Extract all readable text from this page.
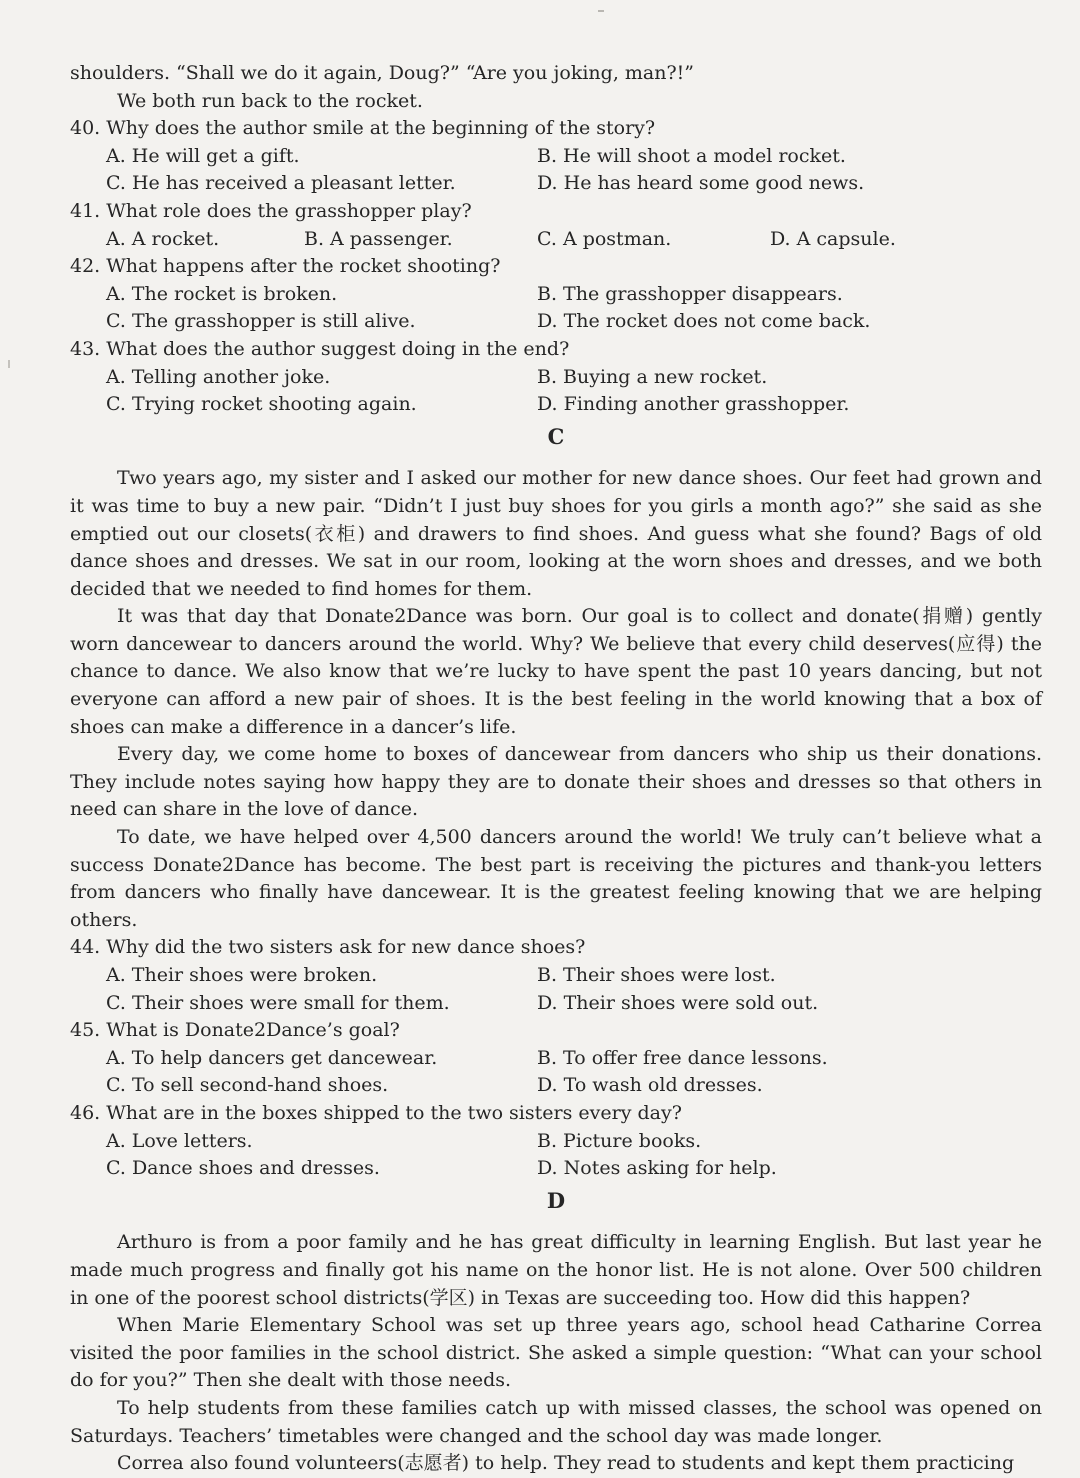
shoulders. “Shall we do it again, Doug?” “Are you joking, man?!”
We both run back to the rocket.
40. Why does the author smile at the beginning of the story?
A. He will get a gift.	B. He will shoot a model rocket.
C. He has received a pleasant letter.	D. He has heard some good news.
41. What role does the grasshopper play?
A. A rocket.	B. A passenger.	C. A postman.	D. A capsule.
42. What happens after the rocket shooting?
A. The rocket is broken.	B. The grasshopper disappears.
C. The grasshopper is still alive.	D. The rocket does not come back.
43. What does the author suggest doing in the end?
A. Telling another joke.	B. Buying a new rocket.
C. Trying rocket shooting again.	D. Finding another grasshopper.
C

Two years ago, my sister and I asked our mother for new dance shoes. Our feet had grown and it was time to buy a new pair. “Didn’t I just buy shoes for you girls a month ago?” she said as she emptied out our closets(衣柜) and drawers to find shoes. And guess what she found? Bags of old dance shoes and dresses. We sat in our room, looking at the worn shoes and dresses, and we both decided that we needed to find homes for them.

It was that day that Donate2Dance was born. Our goal is to collect and donate(捐赠) gently worn dancewear to dancers around the world. Why? We believe that every child deserves(应得) the chance to dance. We also know that we’re lucky to have spent the past 10 years dancing, but not everyone can afford a new pair of shoes. It is the best feeling in the world knowing that a box of shoes can make a difference in a dancer’s life.

Every day, we come home to boxes of dancewear from dancers who ship us their donations. They include notes saying how happy they are to donate their shoes and dresses so that others in need can share in the love of dance.

To date, we have helped over 4,500 dancers around the world! We truly can’t believe what a success Donate2Dance has become. The best part is receiving the pictures and thank-you letters from dancers who finally have dancewear. It is the greatest feeling knowing that we are helping others.

44. Why did the two sisters ask for new dance shoes?
A. Their shoes were broken.	B. Their shoes were lost.
C. Their shoes were small for them.	D. Their shoes were sold out.
45. What is Donate2Dance’s goal?
A. To help dancers get dancewear.	B. To offer free dance lessons.
C. To sell second-hand shoes.	D. To wash old dresses.
46. What are in the boxes shipped to the two sisters every day?
A. Love letters.	B. Picture books.
C. Dance shoes and dresses.	D. Notes asking for help.
D

Arthuro is from a poor family and he has great difficulty in learning English. But last year he made much progress and finally got his name on the honor list. He is not alone. Over 500 children in one of the poorest school districts(学区) in Texas are succeeding too. How did this happen?

When Marie Elementary School was set up three years ago, school head Catharine Correa visited the poor families in the school district. She asked a simple question: “What can your school do for you?” Then she dealt with those needs.

To help students from these families catch up with missed classes, the school was opened on Saturdays. Teachers’ timetables were changed and the school day was made longer.

Correa also found volunteers(志愿者) to help. They read to students and kept them practicing
